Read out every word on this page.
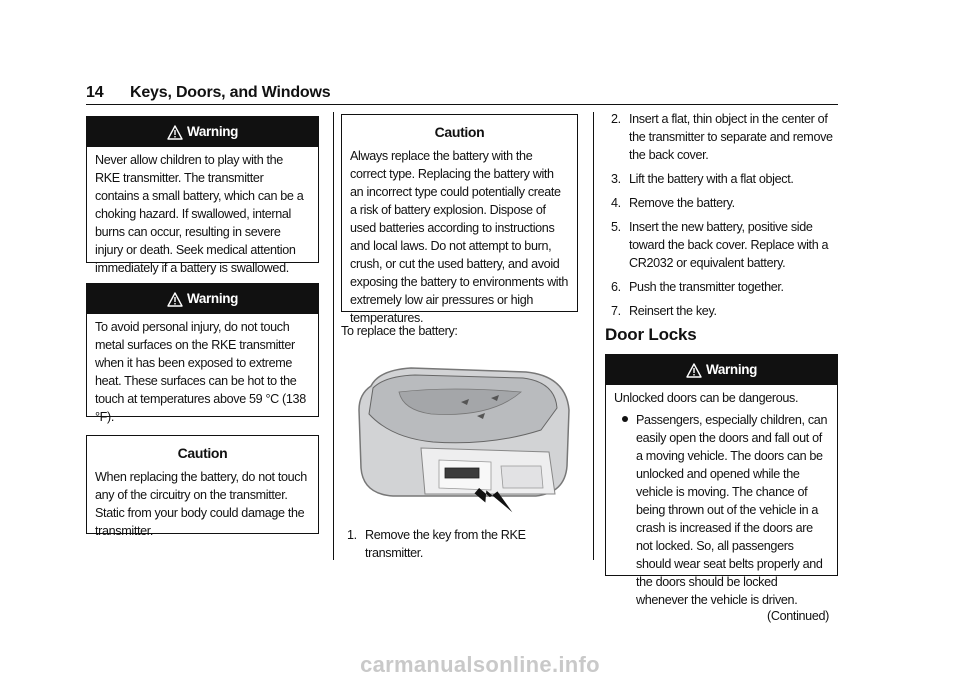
14 Keys, Doors, and Windows
Warning

Never allow children to play with the RKE transmitter. The transmitter contains a small battery, which can be a choking hazard. If swallowed, internal burns can occur, resulting in severe injury or death. Seek medical attention immediately if a battery is swallowed.

Warning

To avoid personal injury, do not touch metal surfaces on the RKE transmitter when it has been exposed to extreme heat. These surfaces can be hot to the touch at temperatures above 59 °C (138 °F).

Caution

When replacing the battery, do not touch any of the circuitry on the transmitter. Static from your body could damage the transmitter.

Caution

Always replace the battery with the correct type. Replacing the battery with an incorrect type could potentially create a risk of battery explosion. Dispose of used batteries according to instructions and local laws. Do not attempt to burn, crush, or cut the used battery, and avoid exposing the battery to environments with extremely low air pressures or high temperatures.

To replace the battery:

1. Remove the key from the RKE transmitter.
2. Insert a flat, thin object in the center of the transmitter to separate and remove the back cover.
3. Lift the battery with a flat object.
4. Remove the battery.
5. Insert the new battery, positive side toward the back cover. Replace with a CR2032 or equivalent battery.
6. Push the transmitter together.
7. Reinsert the key.
Door Locks
Warning

Unlocked doors can be dangerous.

Passengers, especially children, can easily open the doors and fall out of a moving vehicle. The doors can be unlocked and opened while the vehicle is moving. The chance of being thrown out of the vehicle in a crash is increased if the doors are not locked. So, all passengers should wear seat belts properly and the doors should be locked whenever the vehicle is driven.
(Continued)
carmanualsonline.info
